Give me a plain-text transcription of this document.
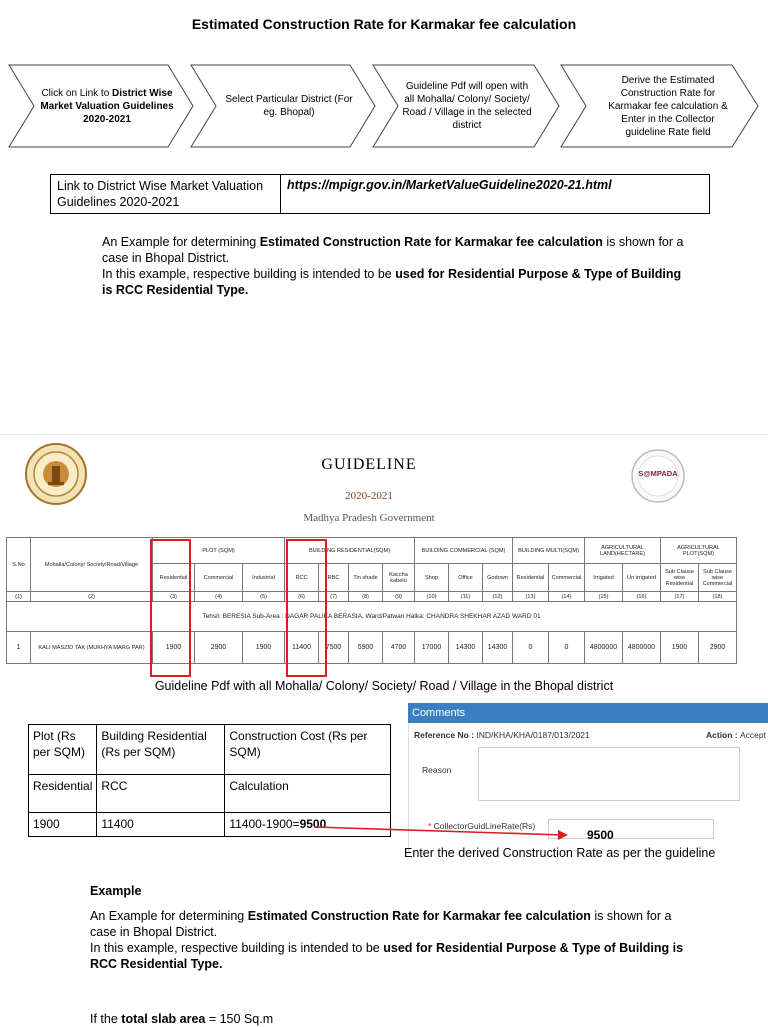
Estimated Construction Rate for Karmakar fee calculation
Click on Link to District Wise Market Valuation Guidelines 2020-2021
Select Particular District (For eg. Bhopal)
Guideline Pdf will open with all Mohalla/ Colony/ Society/ Road / Village in the selected district
Derive the Estimated Construction Rate for Karmakar fee calculation & Enter in the Collector guideline Rate field
Link to District Wise Market Valuation Guidelines 2020-2021
https://mpigr.gov.in/MarketValueGuideline2020-21.html
An Example for determining Estimated Construction Rate for Karmakar fee calculation is shown for a case in Bhopal District.
In this example, respective building is intended to be used for Residential Purpose & Type of Building is RCC Residential Type.
S@MPADA
GUIDELINE
2020-2021
Madhya Pradesh Government
S.No	Mohalla/Colony/ Society/Road/Village	PLOT (SQM)			BUILDING RESIDENTIAL(SQM)				BUILDING COMMERCIAL (SQM)			BUILDING MULTI(SQM)		AGRICULTURAL LAND(HECTARE)		AGRICULTURAL PLOT(SQM)	
		Residential	Commercial	Industrial	RCC	RBC	Tin shade	Kaccha kabelu	Shop	Office	Godown	Residential	Commercial	Irrigated	Un irrigated	Sub Clause wise Residential	Sub Clause wise Commercial
(1)	(2)	(3)	(4)	(5)	(6)	(7)	(8)	(9)	(10)	(11)	(12)	(13)	(14)	(15)	(16)	(17)	(18)
Tehsil: BERESIA Sub-Area : NAGAR PALIKA BERASIA, Ward/Patwari Halka: CHANDRA SHEKHAR AZAD WARD 01																	
1	KALI MASZID TAK (MUKHYA MARG PAR)	1900	2900	1900	11400	7500	5900	4700	17000	14300	14300	0	0	4800000	4800000	1900	2900
Guideline Pdf with all Mohalla/ Colony/ Society/ Road / Village in the Bhopal district
Plot (Rs per SQM)	Building Residential (Rs per SQM)	Construction Cost (Rs per SQM)
Residential	RCC	Calculation
1900	11400	11400-1900=9500
Comments
Reference No : IND/KHA/KHA/0187/013/2021	Action : Accept
Reason
* CollectorGuidLineRate(Rs)
9500
Enter the derived Construction Rate as per the guideline
Example
An Example for determining Estimated Construction Rate for Karmakar fee calculation is shown for a case in Bhopal District.
In this example, respective building is intended to be used for Residential Purpose & Type of Building is RCC Residential Type.
If the total slab area = 150 Sq.m
